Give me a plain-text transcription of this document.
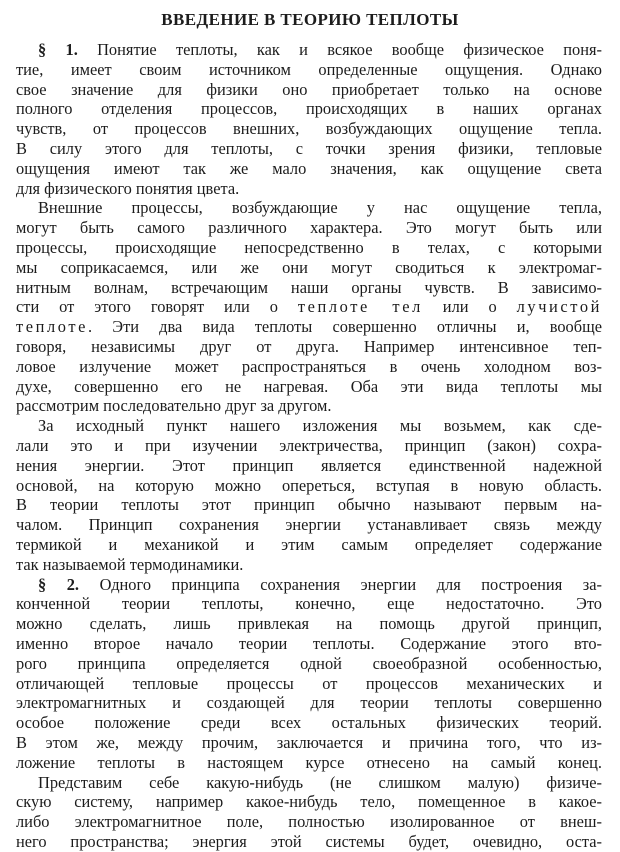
ВВЕДЕНИЕ В ТЕОРИЮ ТЕПЛОТЫ
§ 1. Понятие теплоты, как и всякое вообще физическое поня-
тие, имеет своим источником определенные ощущения. Однако
свое значение для физики оно приобретает только на основе
полного отделения процессов, происходящих в наших органах
чувств, от процессов внешних, возбуждающих ощущение тепла.
В силу этого для теплоты, с точки зрения физики, тепловые
ощущения имеют так же мало значения, как ощущение света
для физического понятия цвета.
Внешние процессы, возбуждающие у нас ощущение тепла,
могут быть самого различного характера. Это могут быть или
процессы, происходящие непосредственно в телах, с которыми
мы соприкасаемся, или же они могут сводиться к электромаг-
нитным волнам, встречающим наши органы чувств. В зависимо-
сти от этого говорят или о теплоте тел или о лучистой
теплоте. Эти два вида теплоты совершенно отличны и, вообще
говоря, независимы друг от друга. Например интенсивное теп-
ловое излучение может распространяться в очень холодном воз-
духе, совершенно его не нагревая. Оба эти вида теплоты мы
рассмотрим последовательно друг за другом.
За исходный пункт нашего изложения мы возьмем, как сде-
лали это и при изучении электричества, принцип (закон) сохра-
нения энергии. Этот принцип является единственной надежной
основой, на которую можно опереться, вступая в новую область.
В теории теплоты этот принцип обычно называют первым на-
чалом. Принцип сохранения энергии устанавливает связь между
термикой и механикой и этим самым определяет содержание
так называемой термодинамики.
§ 2. Одного принципа сохранения энергии для построения за-
конченной теории теплоты, конечно, еще недостаточно. Это
можно сделать, лишь привлекая на помощь другой принцип,
именно второе начало теории теплоты. Содержание этого вто-
рого принципа определяется одной своеобразной особенностью,
отличающей тепловые процессы от процессов механических и
электромагнитных и создающей для теории теплоты совершенно
особое положение среди всех остальных физических теорий.
В этом же, между прочим, заключается и причина того, что из-
ложение теплоты в настоящем курсе отнесено на самый конец.
Представим себе какую-нибудь (не слишком малую) физиче-
скую систему, например какое-нибудь тело, помещенное в какое-
либо электромагнитное поле, полностью изолированное от внеш-
него пространства; энергия этой системы будет, очевидно, оста-
